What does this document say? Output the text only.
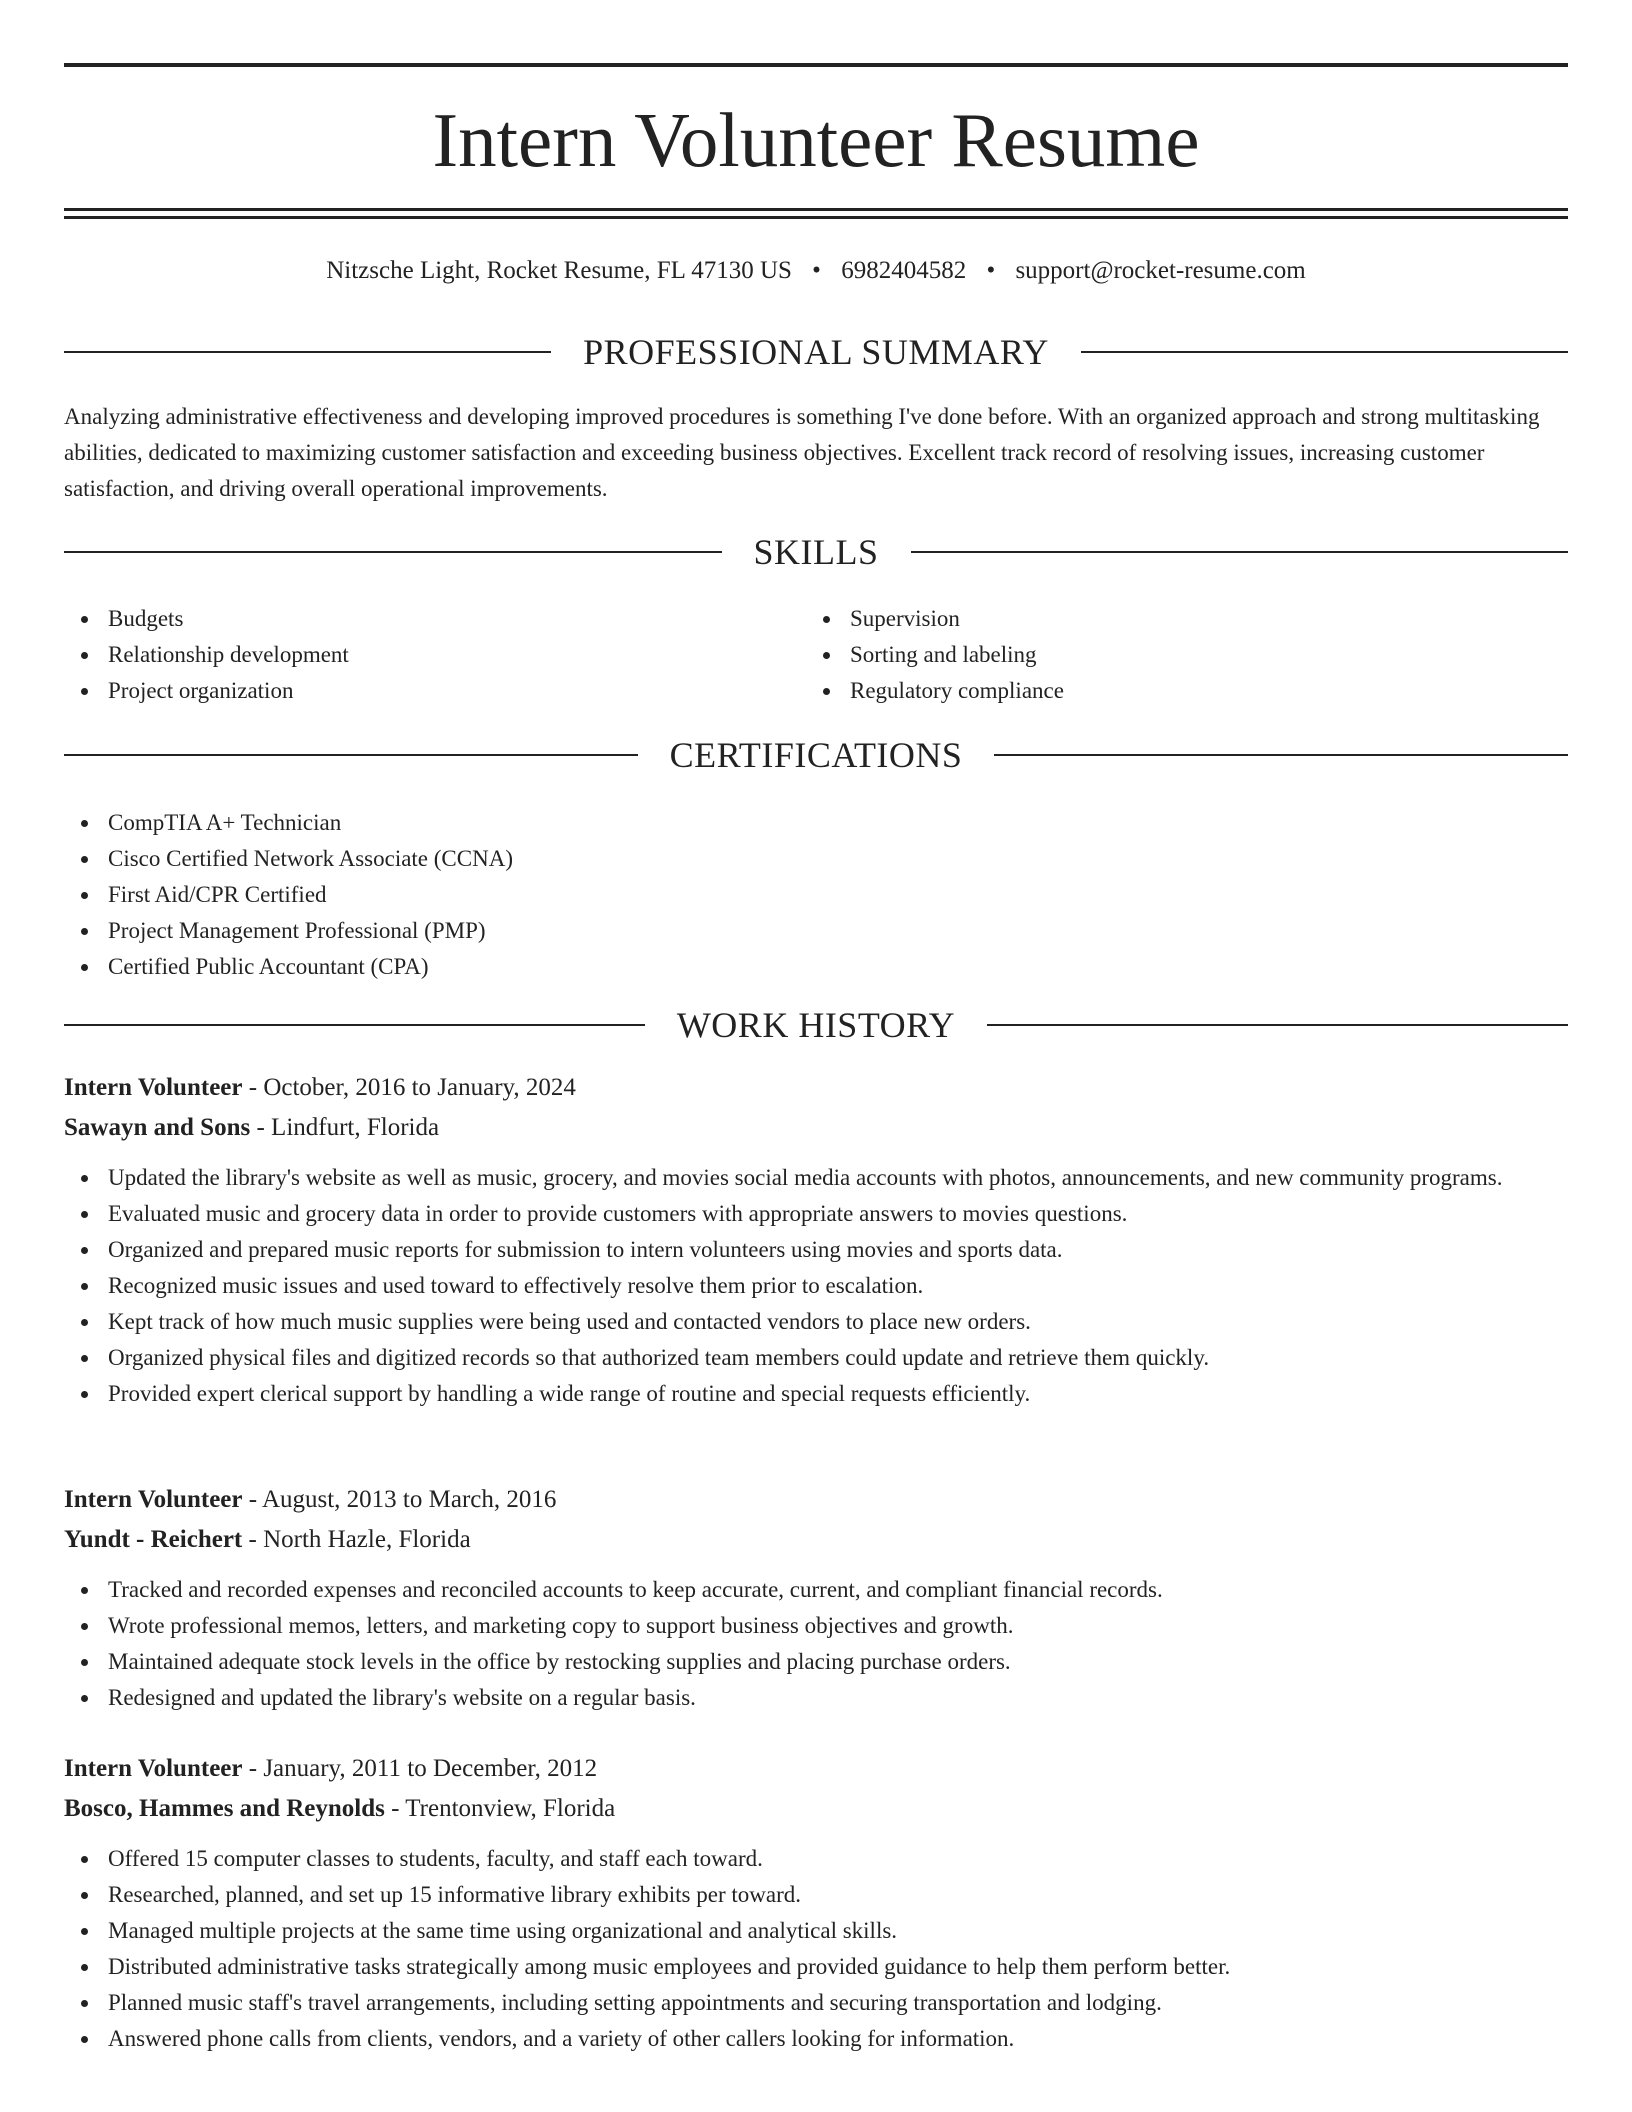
Intern Volunteer Resume
Nitzsche Light, Rocket Resume, FL 47130 US • 6982404582 • support@rocket-resume.com
PROFESSIONAL SUMMARY

Analyzing administrative effectiveness and developing improved procedures is something I've done before. With an organized approach and strong multitasking abilities, dedicated to maximizing customer satisfaction and exceeding business objectives. Excellent track record of resolving issues, increasing customer satisfaction, and driving overall operational improvements.

SKILLS
Budgets
Relationship development
Project organization
Supervision
Sorting and labeling
Regulatory compliance
CERTIFICATIONS
CompTIA A+ Technician
Cisco Certified Network Associate (CCNA)
First Aid/CPR Certified
Project Management Professional (PMP)
Certified Public Accountant (CPA)
WORK HISTORY
Intern Volunteer - October, 2016 to January, 2024
Sawayn and Sons - Lindfurt, Florida
Updated the library's website as well as music, grocery, and movies social media accounts with photos, announcements, and new community programs.
Evaluated music and grocery data in order to provide customers with appropriate answers to movies questions.
Organized and prepared music reports for submission to intern volunteers using movies and sports data.
Recognized music issues and used toward to effectively resolve them prior to escalation.
Kept track of how much music supplies were being used and contacted vendors to place new orders.
Organized physical files and digitized records so that authorized team members could update and retrieve them quickly.
Provided expert clerical support by handling a wide range of routine and special requests efficiently.
Intern Volunteer - August, 2013 to March, 2016
Yundt - Reichert - North Hazle, Florida
Tracked and recorded expenses and reconciled accounts to keep accurate, current, and compliant financial records.
Wrote professional memos, letters, and marketing copy to support business objectives and growth.
Maintained adequate stock levels in the office by restocking supplies and placing purchase orders.
Redesigned and updated the library's website on a regular basis.
Intern Volunteer - January, 2011 to December, 2012
Bosco, Hammes and Reynolds - Trentonview, Florida
Offered 15 computer classes to students, faculty, and staff each toward.
Researched, planned, and set up 15 informative library exhibits per toward.
Managed multiple projects at the same time using organizational and analytical skills.
Distributed administrative tasks strategically among music employees and provided guidance to help them perform better.
Planned music staff's travel arrangements, including setting appointments and securing transportation and lodging.
Answered phone calls from clients, vendors, and a variety of other callers looking for information.
